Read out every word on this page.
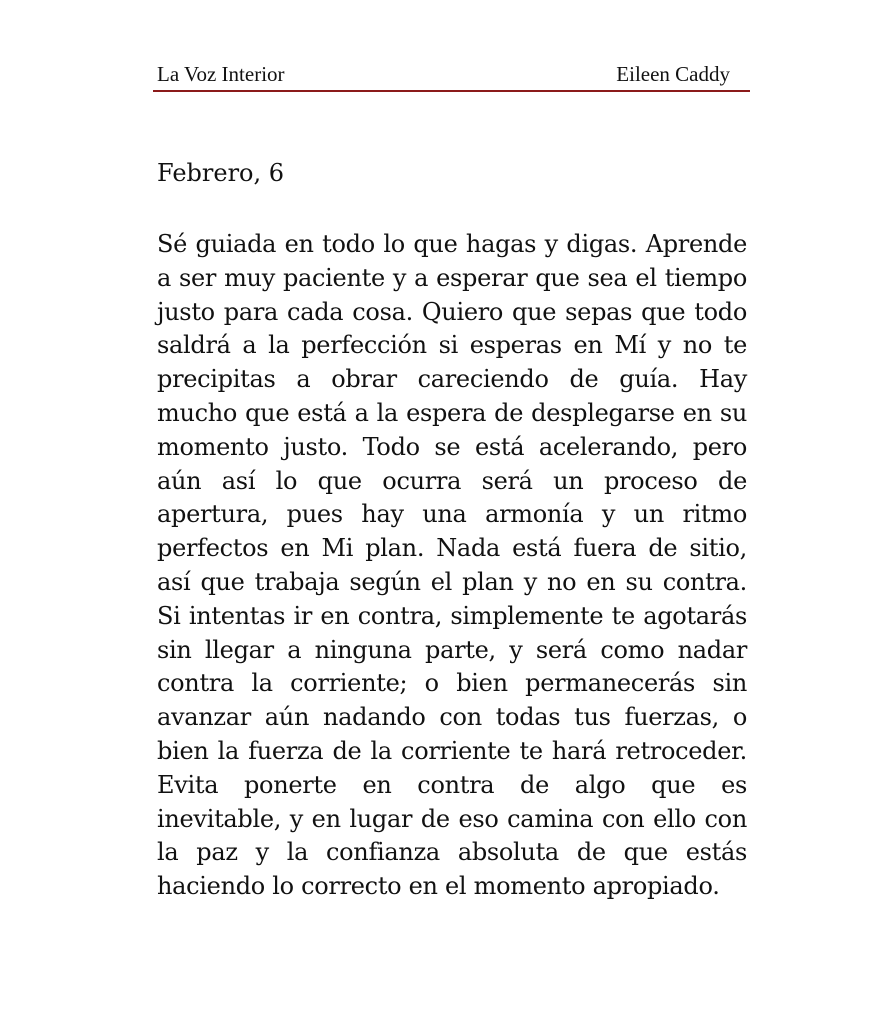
La Voz Interior	Eileen Caddy
Febrero, 6

Sé guiada en todo lo que hagas y digas. Aprende a ser muy paciente y a esperar que sea el tiempo justo para cada cosa. Quiero que sepas que todo saldrá a la perfección si esperas en Mí y no te precipitas a obrar careciendo de guía. Hay mucho que está a la espera de desplegarse en su momento justo. Todo se está acelerando, pero aún así lo que ocurra será un proceso de apertura, pues hay una armonía y un ritmo perfectos en Mi plan. Nada está fuera de sitio, así que trabaja según el plan y no en su contra. Si intentas ir en contra, simplemente te agotarás sin llegar a ninguna parte, y será como nadar contra la corriente; o bien permanecerás sin avanzar aún nadando con todas tus fuerzas, o bien la fuerza de la corriente te hará retroceder. Evita ponerte en contra de algo que es inevitable, y en lugar de eso camina con ello con la paz y la confianza absoluta de que estás haciendo lo correcto en el momento apropiado.
